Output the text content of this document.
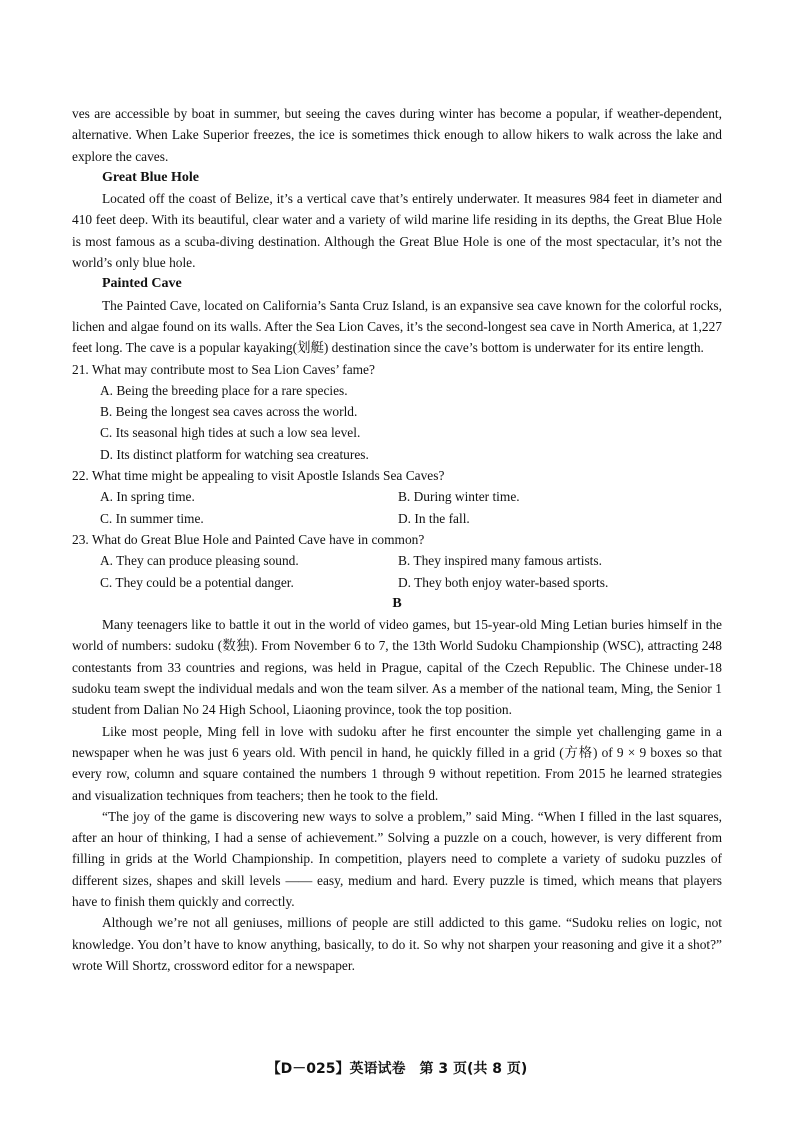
ves are accessible by boat in summer, but seeing the caves during winter has become a popular, if weather-dependent, alternative. When Lake Superior freezes, the ice is sometimes thick enough to allow hikers to walk across the lake and explore the caves.

Great Blue Hole

Located off the coast of Belize, it’s a vertical cave that’s entirely underwater. It measures 984 feet in diameter and 410 feet deep. With its beautiful, clear water and a variety of wild marine life residing in its depths, the Great Blue Hole is most famous as a scuba-diving destination. Although the Great Blue Hole is one of the most spectacular, it’s not the world’s only blue hole.

Painted Cave

The Painted Cave, located on California’s Santa Cruz Island, is an expansive sea cave known for the colorful rocks, lichen and algae found on its walls. After the Sea Lion Caves, it’s the second-longest sea cave in North America, at 1,227 feet long. The cave is a popular kayaking(划艇) destination since the cave’s bottom is underwater for its entire length.

21. What may contribute most to Sea Lion Caves’ fame?

A. Being the breeding place for a rare species.
B. Being the longest sea caves across the world.
C. Its seasonal high tides at such a low sea level.
D. Its distinct platform for watching sea creatures.

22. What time might be appealing to visit Apostle Islands Sea Caves?

A. In spring time.	B. During winter time.
C. In summer time.	D. In the fall.

23. What do Great Blue Hole and Painted Cave have in common?

A. They can produce pleasing sound.	B. They inspired many famous artists.
C. They could be a potential danger.	D. They both enjoy water-based sports.

B

Many teenagers like to battle it out in the world of video games, but 15-year-old Ming Letian buries himself in the world of numbers: sudoku (数独). From November 6 to 7, the 13th World Sudoku Championship (WSC), attracting 248 contestants from 33 countries and regions, was held in Prague, capital of the Czech Republic. The Chinese under-18 sudoku team swept the individual medals and won the team silver. As a member of the national team, Ming, the Senior 1 student from Dalian No 24 High School, Liaoning province, took the top position.

Like most people, Ming fell in love with sudoku after he first encounter the simple yet challenging game in a newspaper when he was just 6 years old. With pencil in hand, he quickly filled in a grid (方格) of 9 × 9 boxes so that every row, column and square contained the numbers 1 through 9 without repetition. From 2015 he learned strategies and visualization techniques from teachers; then he took to the field.

“The joy of the game is discovering new ways to solve a problem,” said Ming. “When I filled in the last squares, after an hour of thinking, I had a sense of achievement.” Solving a puzzle on a couch, however, is very different from filling in grids at the World Championship. In competition, players need to complete a variety of sudoku puzzles of different sizes, shapes and skill levels —— easy, medium and hard. Every puzzle is timed, which means that players have to finish them quickly and correctly.

Although we’re not all geniuses, millions of people are still addicted to this game. “Sudoku relies on logic, not knowledge. You don’t have to know anything, basically, to do it. So why not sharpen your reasoning and give it a shot?” wrote Will Shortz, crossword editor for a newspaper.

【D－025】英语试卷　第 3 页(共 8 页)
